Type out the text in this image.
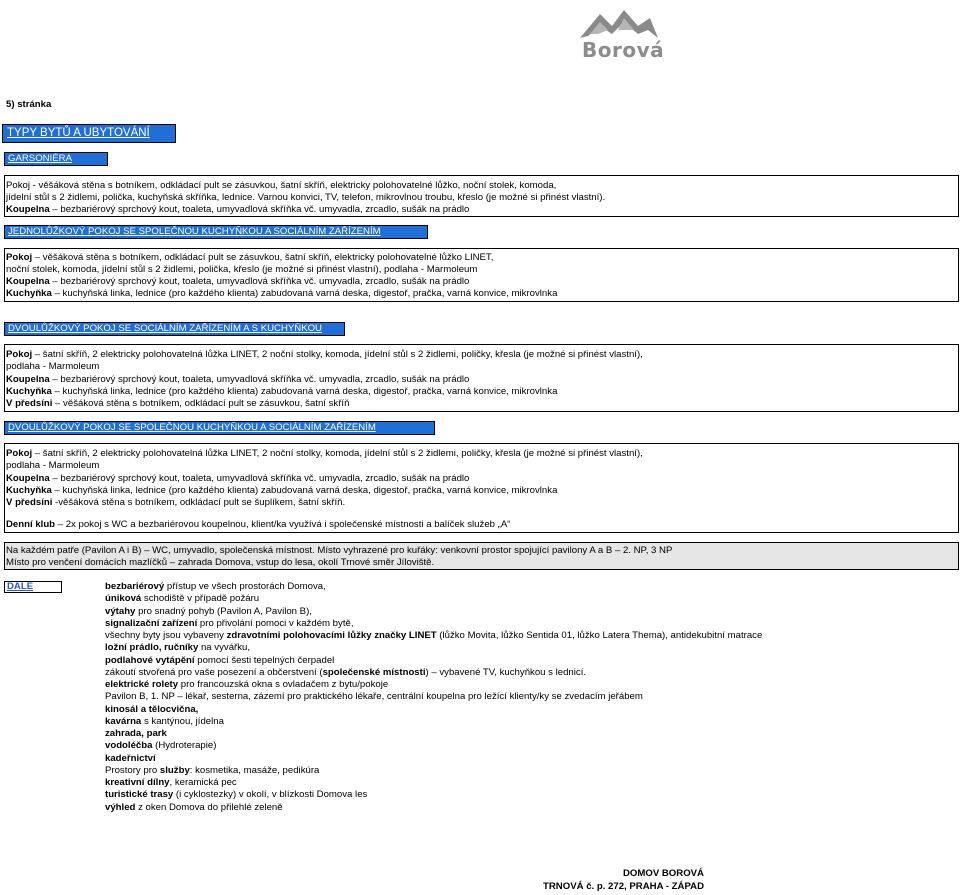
Borová
5) stránka
TYPY BYTŮ A UBYTOVÁNÍ
GARSONIÉRA
Pokoj - věšáková stěna s botníkem, odkládací pult se zásuvkou, šatní skříň, elektricky polohovatelné lůžko, noční stolek, komoda,
jídelní stůl s 2 židlemi, polička, kuchyňská skříňka, lednice. Varnou konvici, TV, telefon, mikrovlnou troubu, křeslo (je možné si přinést vlastní).
Koupelna – bezbariérový sprchový kout, toaleta, umyvadlová skříňka vč. umyvadla, zrcadlo, sušák na prádlo
JEDNOLŮŽKOVÝ POKOJ SE SPOLEČNOU KUCHYŇKOU A SOCIÁLNÍM ZAŘÍZENÍM
Pokoj – věšáková stěna s botníkem, odkládací pult se zásuvkou, šatní skříň, elektricky polohovatelné lůžko LINET,
noční stolek, komoda, jídelní stůl s 2 židlemi, polička, křeslo (je možné si přinést vlastní), podlaha - Marmoleum
Koupelna – bezbariérový sprchový kout, toaleta, umyvadlová skříňka vč. umyvadla, zrcadlo, sušák na prádlo
Kuchyňka – kuchyňská linka, lednice (pro každého klienta) zabudovaná varná deska, digestoř, pračka, varná konvice, mikrovlnka
DVOULŮŽKOVÝ POKOJ SE SOCIÁLNÍM ZAŘÍZENÍM A S KUCHYŇKOU
Pokoj – šatní skříň, 2 elektricky polohovatelná lůžka LINET, 2 noční stolky, komoda, jídelní stůl s 2 židlemi, poličky, křesla (je možné si přinést vlastní),
podlaha - Marmoleum
Koupelna – bezbariérový sprchový kout, toaleta, umyvadlová skříňka vč. umyvadla, zrcadlo, sušák na prádlo
Kuchyňka – kuchyňská linka, lednice (pro každého klienta) zabudovaná varná deska, digestoř, pračka, varná konvice, mikrovlnka
V předsíni – věšáková stěna s botníkem, odkládací pult se zásuvkou, šatní skříň
DVOULŮŽKOVÝ POKOJ SE SPOLEČNOU KUCHYŇKOU A SOCIÁLNÍM ZAŘÍZENÍM
Pokoj – šatní skříň, 2 elektricky polohovatelná lůžka LINET, 2 noční stolky, komoda, jídelní stůl s 2 židlemi, poličky, křesla (je možné si přinést vlastní),
podlaha - Marmoleum
Koupelna – bezbariérový sprchový kout, toaleta, umyvadlová skříňka vč. umyvadla, zrcadlo, sušák na prádlo
Kuchyňka – kuchyňská linka, lednice (pro každého klienta) zabudovaná varná deska, digestoř, pračka, varná konvice, mikrovlnka
V předsíni -věšáková stěna s botníkem, odkládací pult se šuplíkem, šatní skříň.
Denní klub – 2x pokoj s WC a bezbariérovou koupelnou, klient/ka využívá i společenské místnosti a balíček služeb „A“
Na každém patře (Pavilon A i B) – WC, umyvadlo, společenská místnost. Místo vyhrazené pro kuřáky: venkovní prostor spojující pavilony A a B – 2. NP, 3 NP
Místo pro venčení domácích mazlíčků – zahrada Domova, vstup do lesa, okolí Trnové směr Jíloviště.
DALE	bezbariérový přístup ve všech prostorách Domova,
úniková schodiště v případě požáru
výtahy pro snadný pohyb (Pavilon A, Pavilon B),
signalizační zařízení pro přivolání pomoci v každém bytě,
všechny byty jsou vybaveny zdravotními polohovacími lůžky značky LINET (lůžko Movita, lůžko Sentida 01, lůžko Latera Thema), antidekubitní matrace
ložní prádlo, ručníky na vyvářku,
podlahové vytápění pomocí šesti tepelných čerpadel
zákoutí stvořená pro vaše posezení a občerstvení (společenské místnosti) – vybavené TV, kuchyňkou s lednicí.
elektrické rolety pro francouzská okna s ovladačem z bytu/pokoje
Pavilon B, 1. NP – lékař, sesterna, zázemí pro praktického lékaře, centrální koupelna pro ležící klienty/ky se zvedacím jeřábem
kinosál a tělocvična,
kavárna s kantýnou, jídelna
zahrada, park
vodoléčba (Hydroterapie)
kadeřnictví
Prostory pro služby: kosmetika, masáže, pedikúra
kreativní dílny, keramická pec
turistické trasy (i cyklostezky) v okolí, v blízkosti Domova les
výhled z oken Domova do přilehlé zeleně
DOMOV BOROVÁ
TRNOVÁ č. p. 272, PRAHA - ZÁPAD
